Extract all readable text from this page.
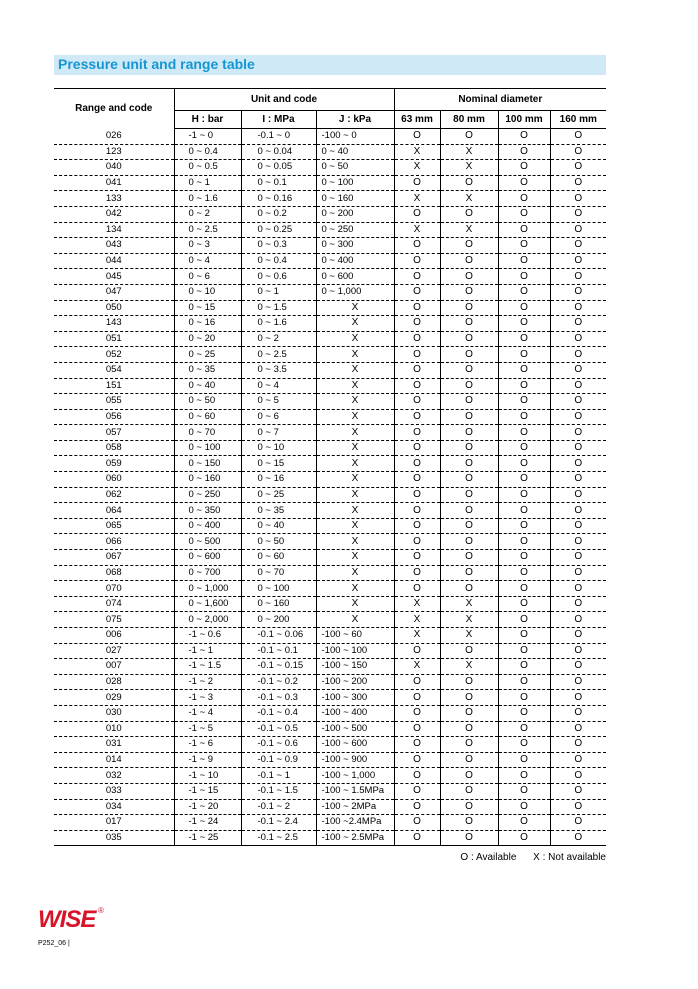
Pressure unit and range table
Range and code	Unit and code			Nominal diameter			
	H : bar	I : MPa	J : kPa	63 mm	80 mm	100 mm	160 mm
026	-1 ~ 0	-0.1 ~ 0	-100 ~ 0	O	O	O	O
123	0 ~ 0.4	0 ~ 0.04	0 ~ 40	X	X	O	O
040	0 ~ 0.5	0 ~ 0.05	0 ~ 50	X	X	O	O
041	0 ~ 1	0 ~ 0.1	0 ~ 100	O	O	O	O
133	0 ~ 1.6	0 ~ 0.16	0 ~ 160	X	X	O	O
042	0 ~ 2	0 ~ 0.2	0 ~ 200	O	O	O	O
134	0 ~ 2.5	0 ~ 0.25	0 ~ 250	X	X	O	O
043	0 ~ 3	0 ~ 0.3	0 ~ 300	O	O	O	O
044	0 ~ 4	0 ~ 0.4	0 ~ 400	O	O	O	O
045	0 ~ 6	0 ~ 0.6	0 ~ 600	O	O	O	O
047	0 ~ 10	0 ~ 1	0 ~ 1,000	O	O	O	O
050	0 ~ 15	0 ~ 1.5	X	O	O	O	O
143	0 ~ 16	0 ~ 1.6	X	O	O	O	O
051	0 ~ 20	0 ~ 2	X	O	O	O	O
052	0 ~ 25	0 ~ 2.5	X	O	O	O	O
054	0 ~ 35	0 ~ 3.5	X	O	O	O	O
151	0 ~ 40	0 ~ 4	X	O	O	O	O
055	0 ~ 50	0 ~ 5	X	O	O	O	O
056	0 ~ 60	0 ~ 6	X	O	O	O	O
057	0 ~ 70	0 ~ 7	X	O	O	O	O
058	0 ~ 100	0 ~ 10	X	O	O	O	O
059	0 ~ 150	0 ~ 15	X	O	O	O	O
060	0 ~ 160	0 ~ 16	X	O	O	O	O
062	0 ~ 250	0 ~ 25	X	O	O	O	O
064	0 ~ 350	0 ~ 35	X	O	O	O	O
065	0 ~ 400	0 ~ 40	X	O	O	O	O
066	0 ~ 500	0 ~ 50	X	O	O	O	O
067	0 ~ 600	0 ~ 60	X	O	O	O	O
068	0 ~ 700	0 ~ 70	X	O	O	O	O
070	0 ~ 1,000	0 ~ 100	X	O	O	O	O
074	0 ~ 1,600	0 ~ 160	X	X	X	O	O
075	0 ~ 2,000	0 ~ 200	X	X	X	O	O
006	-1 ~ 0.6	-0.1 ~ 0.06	-100 ~ 60	X	X	O	O
027	-1 ~ 1	-0.1 ~ 0.1	-100 ~ 100	O	O	O	O
007	-1 ~ 1.5	-0.1 ~ 0.15	-100 ~ 150	X	X	O	O
028	-1 ~ 2	-0.1 ~ 0.2	-100 ~ 200	O	O	O	O
029	-1 ~ 3	-0.1 ~ 0.3	-100 ~ 300	O	O	O	O
030	-1 ~ 4	-0.1 ~ 0.4	-100 ~ 400	O	O	O	O
010	-1 ~ 5	-0.1 ~ 0.5	-100 ~ 500	O	O	O	O
031	-1 ~ 6	-0.1 ~ 0.6	-100 ~ 600	O	O	O	O
014	-1 ~ 9	-0.1 ~ 0.9	-100 ~ 900	O	O	O	O
032	-1 ~ 10	-0.1 ~ 1	-100 ~ 1,000	O	O	O	O
033	-1 ~ 15	-0.1 ~ 1.5	-100 ~ 1.5MPa	O	O	O	O
034	-1 ~ 20	-0.1 ~ 2	-100 ~ 2MPa	O	O	O	O
017	-1 ~ 24	-0.1 ~ 2.4	-100 ~2.4MPa	O	O	O	O
035	-1 ~ 25	-0.1 ~ 2.5	-100 ~ 2.5MPa	O	O	O	O
O : Available X : Not available
WISE ®
P252_06 |
